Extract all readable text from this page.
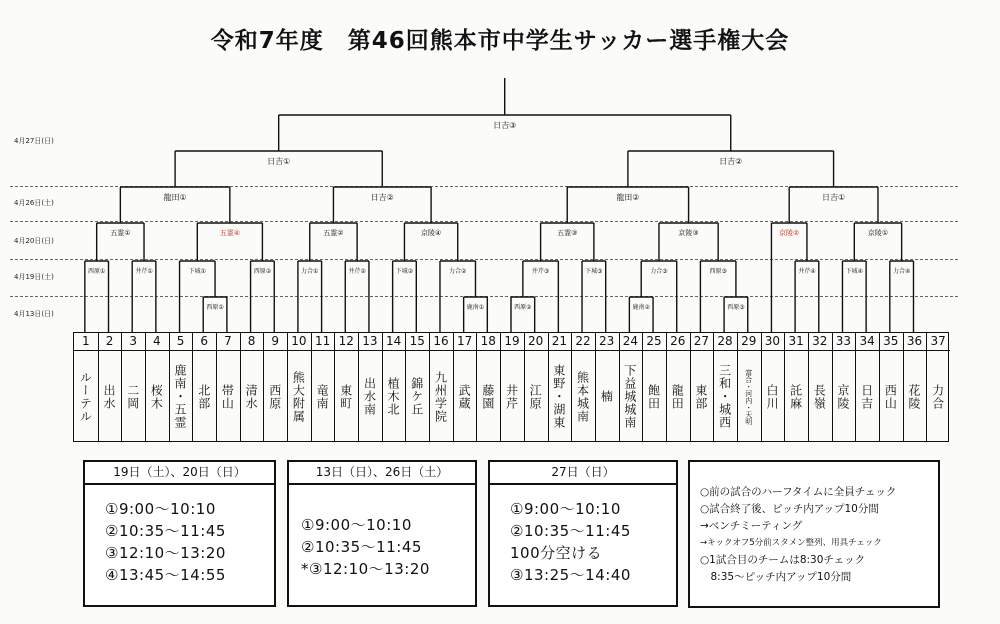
令和7年度　第46回熊本市中学生サッカー選手権大会
4月27日(日)
4月26日(土)
4月20日(日)
4月19日(土)
4月13日(日)
西原①	鹿南①	西原②	鹿南②	西原③
西原①	井芹①	下城①	西原②	力合①	井芹②	下城②	力合②	井芹③	下城③	力合③	西原③	井芹④	下城④	力合④
五霊①	五霊④	五霊②	京陵④	五霊③	京陵③	京陵②	京陵①
龍田①	日吉②	龍田②	日吉①
日吉①	日吉②
日吉③
1
ルーテル
2
出水
3
二岡
4
桜木
5
鹿南・五霊
6
北部
7
帯山
8
清水
9
西原
10
熊大附属
11
竜南
12
東町
13
出水南
14
植木北
15
錦ケ丘
16
九州学院
17
武蔵
18
藤園
19
井芹
20
江原
21
東野・湖東
22
熊本城南
23
楠
24
下益城城南
25
飽田
26
龍田
27
東部
28
三和・城西
29
富合・河内・天明
30
白川
31
託麻
32
長嶺
33
京陵
34
日吉
35
西山
36
花陵
37
力合
19日（土）、20日（日）
①9:00〜10:10
②10:35〜11:45
③12:10〜13:20
④13:45〜14:55
13日（日）、26日（土）
①9:00〜10:10
②10:35〜11:45
*③12:10〜13:20
27日（日）
①9:00〜10:10
②10:35〜11:45
100分空ける
③13:25〜14:40
○前の試合のハーフタイムに全員チェック
○試合終了後、ピッチ内アップ10分間
→ベンチミーティング
→キックオフ5分前スタメン整列、用具チェック
○1試合目のチームは8:30チェック
　8:35〜ピッチ内アップ10分間
